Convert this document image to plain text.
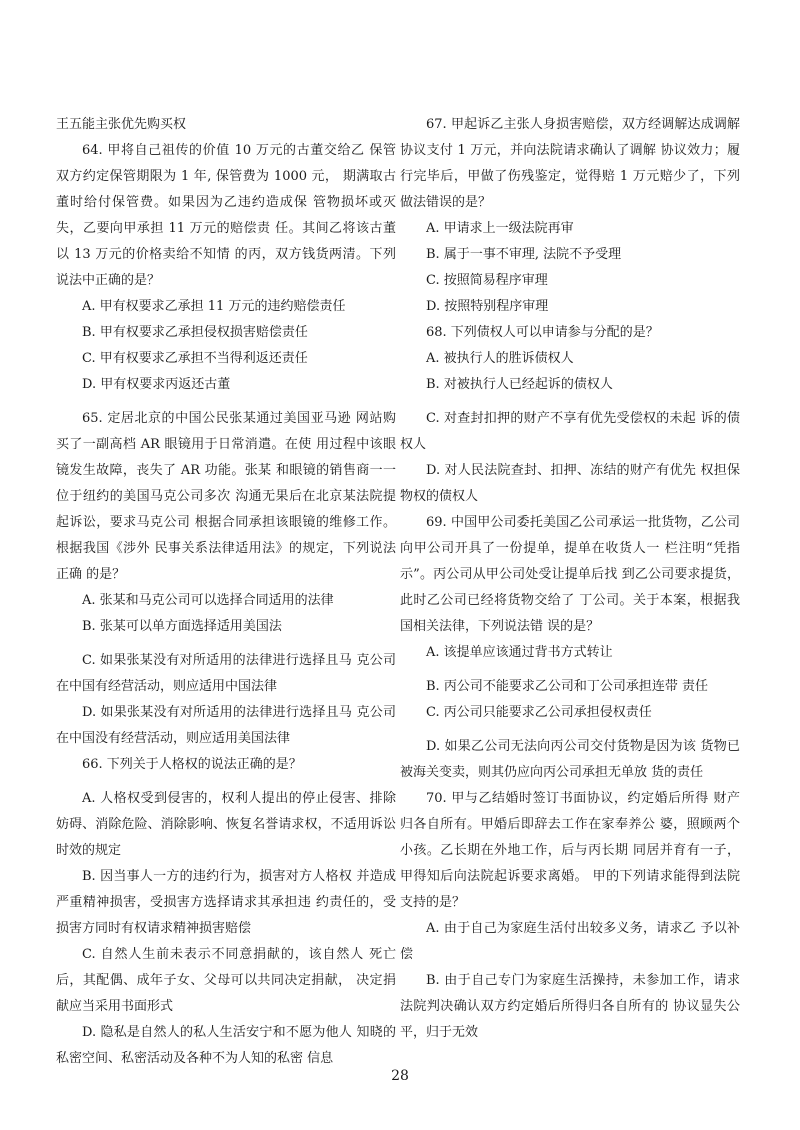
王五能主张优先购买权

64. 甲将自己祖传的价值 10 万元的古董交给乙 保管 双方约定保管期限为 1 年, 保管费为 1000 元， 期满取古董时给付保管费。如果因为乙违约造成保 管物损坏或灭失，乙要向甲承担 11 万元的赔偿责 任。其间乙将该古董以 13 万元的价格卖给不知情 的丙，双方钱货两清。下列说法中正确的是？

A. 甲有权要求乙承担 11 万元的违约赔偿责任

B. 甲有权要求乙承担侵权损害赔偿责任

C. 甲有权要求乙承担不当得利返还责任

D. 甲有权要求丙返还古董

65. 定居北京的中国公民张某通过美国亚马逊 网站购买了一副高档 AR 眼镜用于日常消遣。在使 用过程中该眼镜发生故障，丧失了 AR 功能。张某 和眼镜的销售商一一位于纽约的美国马克公司多次 沟通无果后在北京某法院提起诉讼，要求马克公司 根据合同承担该眼镜的维修工作。根据我国《涉外 民事关系法律适用法》的规定，下列说法正确 的是？

A. 张某和马克公司可以选择合同适用的法律

B. 张某可以单方面选择适用美国法

C. 如果张某没有对所适用的法律进行选择且马 克公司在中国有经营活动，则应适用中国法律

D. 如果张某没有对所适用的法律进行选择且马 克公司在中国没有经营活动，则应适用美国法律

66. 下列关于人格权的说法正确的是？

A. 人格权受到侵害的，权利人提出的停止侵害、排除妨碍、消除危险、消除影响、恢复名誉请求权，不适用诉讼时效的规定

B. 因当事人一方的违约行为，损害对方人格权 并造成严重精神损害，受损害方选择请求其承担违 约责任的，受损害方同时有权请求精神损害赔偿

C. 自然人生前未表示不同意捐献的，该自然人 死亡后，其配偶、成年子女、父母可以共同决定捐献， 决定捐献应当采用书面形式

D. 隐私是自然人的私人生活安宁和不愿为他人 知晓的私密空间、私密活动及各种不为人知的私密 信息

67. 甲起诉乙主张人身损害赔偿，双方经调解达成调解协议支付 1 万元，并向法院请求确认了调解 协议效力；履行完毕后，甲做了伤残鉴定，觉得赔 1 万元赔少了，下列做法错误的是？

A. 甲请求上一级法院再审

B. 属于一事不审理, 法院不予受理

C. 按照简易程序审理

D. 按照特别程序审理

68. 下列债权人可以申请参与分配的是？

A. 被执行人的胜诉债权人

B. 对被执行人已经起诉的债权人

C. 对查封扣押的财产不享有优先受偿权的未起 诉的债权人

D. 对人民法院查封、扣押、冻结的财产有优先 权担保物权的债权人

69. 中国甲公司委托美国乙公司承运一批货物，乙公司向甲公司开具了一份提单，提单在收货人一 栏注明“凭指示”。丙公司从甲公司处受让提单后找 到乙公司要求提货，此时乙公司已经将货物交给了 丁公司。关于本案，根据我国相关法律，下列说法错 误的是？

A. 该提单应该通过背书方式转让

B. 丙公司不能要求乙公司和丁公司承担连带 责任

C. 丙公司只能要求乙公司承担侵权责任

D. 如果乙公司无法向丙公司交付货物是因为该 货物已被海关变卖，则其仍应向丙公司承担无单放 货的责任

70. 甲与乙结婚时签订书面协议，约定婚后所得 财产归各自所有。甲婚后即辞去工作在家奉养公 婆，照顾两个小孩。乙长期在外地工作，后与丙长期 同居并育有一子，甲得知后向法院起诉要求离婚。 甲的下列请求能得到法院支持的是？

A. 由于自己为家庭生活付出较多义务，请求乙 予以补偿

B. 由于自己专门为家庭生活操持，未参加工作，请求法院判决确认双方约定婚后所得归各自所有的 协议显失公平，归于无效

28
